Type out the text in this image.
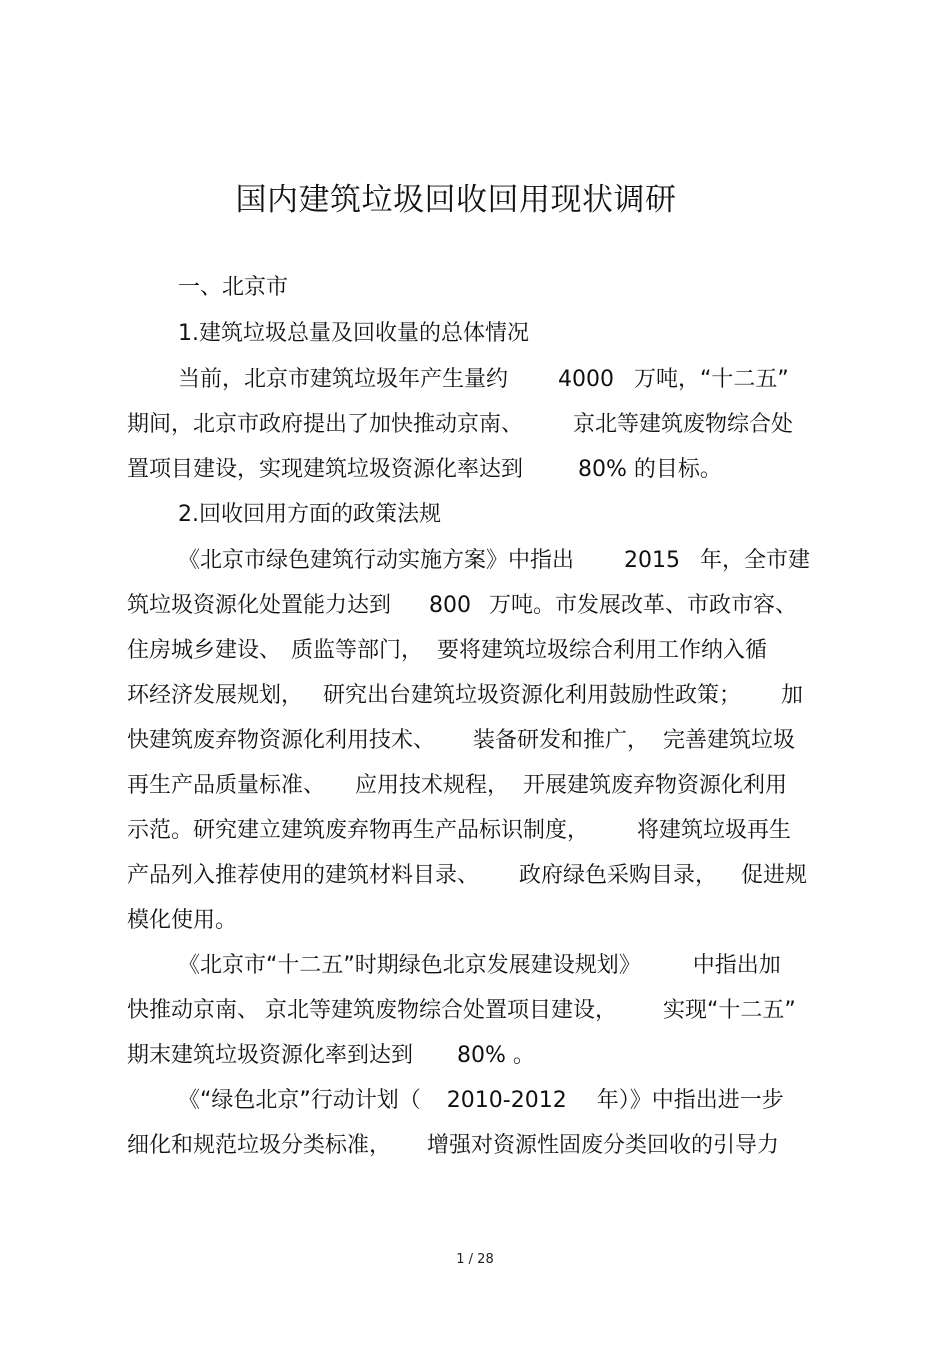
国内建筑垃圾回收回用现状调研
一、北京市
1.建筑垃圾总量及回收量的总体情况
当前，北京市建筑垃圾年产生量约 4000 万吨，“十二五”
期间，北京市政府提出了加快推动京南、 京北等建筑废物综合处
置项目建设，实现建筑垃圾资源化率达到	80% 的目标。
2.回收回用方面的政策法规
《北京市绿色建筑行动实施方案》中指出 2015 年，全市建
筑垃圾资源化处置能力达到 800 万吨。市发展改革、市政市容、
住房城乡建设、 质监等部门， 要将建筑垃圾综合利用工作纳入循
环经济发展规划， 研究出台建筑垃圾资源化利用鼓励性政策； 加
快建筑废弃物资源化利用技术、 装备研发和推广， 完善建筑垃圾
再生产品质量标准、 应用技术规程， 开展建筑废弃物资源化利用
示范。研究建立建筑废弃物再生产品标识制度， 将建筑垃圾再生
产品列入推荐使用的建筑材料目录、 政府绿色采购目录， 促进规
模化使用。
《北京市“十二五”时期绿色北京发展建设规划》 中指出加
快推动京南、 京北等建筑废物综合处置项目建设， 实现“十二五”
期末建筑垃圾资源化率到达到 80% 。
《“绿色北京”行动计划（ 2010-2012 年）》中指出进一步
细化和规范垃圾分类标准， 增强对资源性固废分类回收的引导力
1 / 28
